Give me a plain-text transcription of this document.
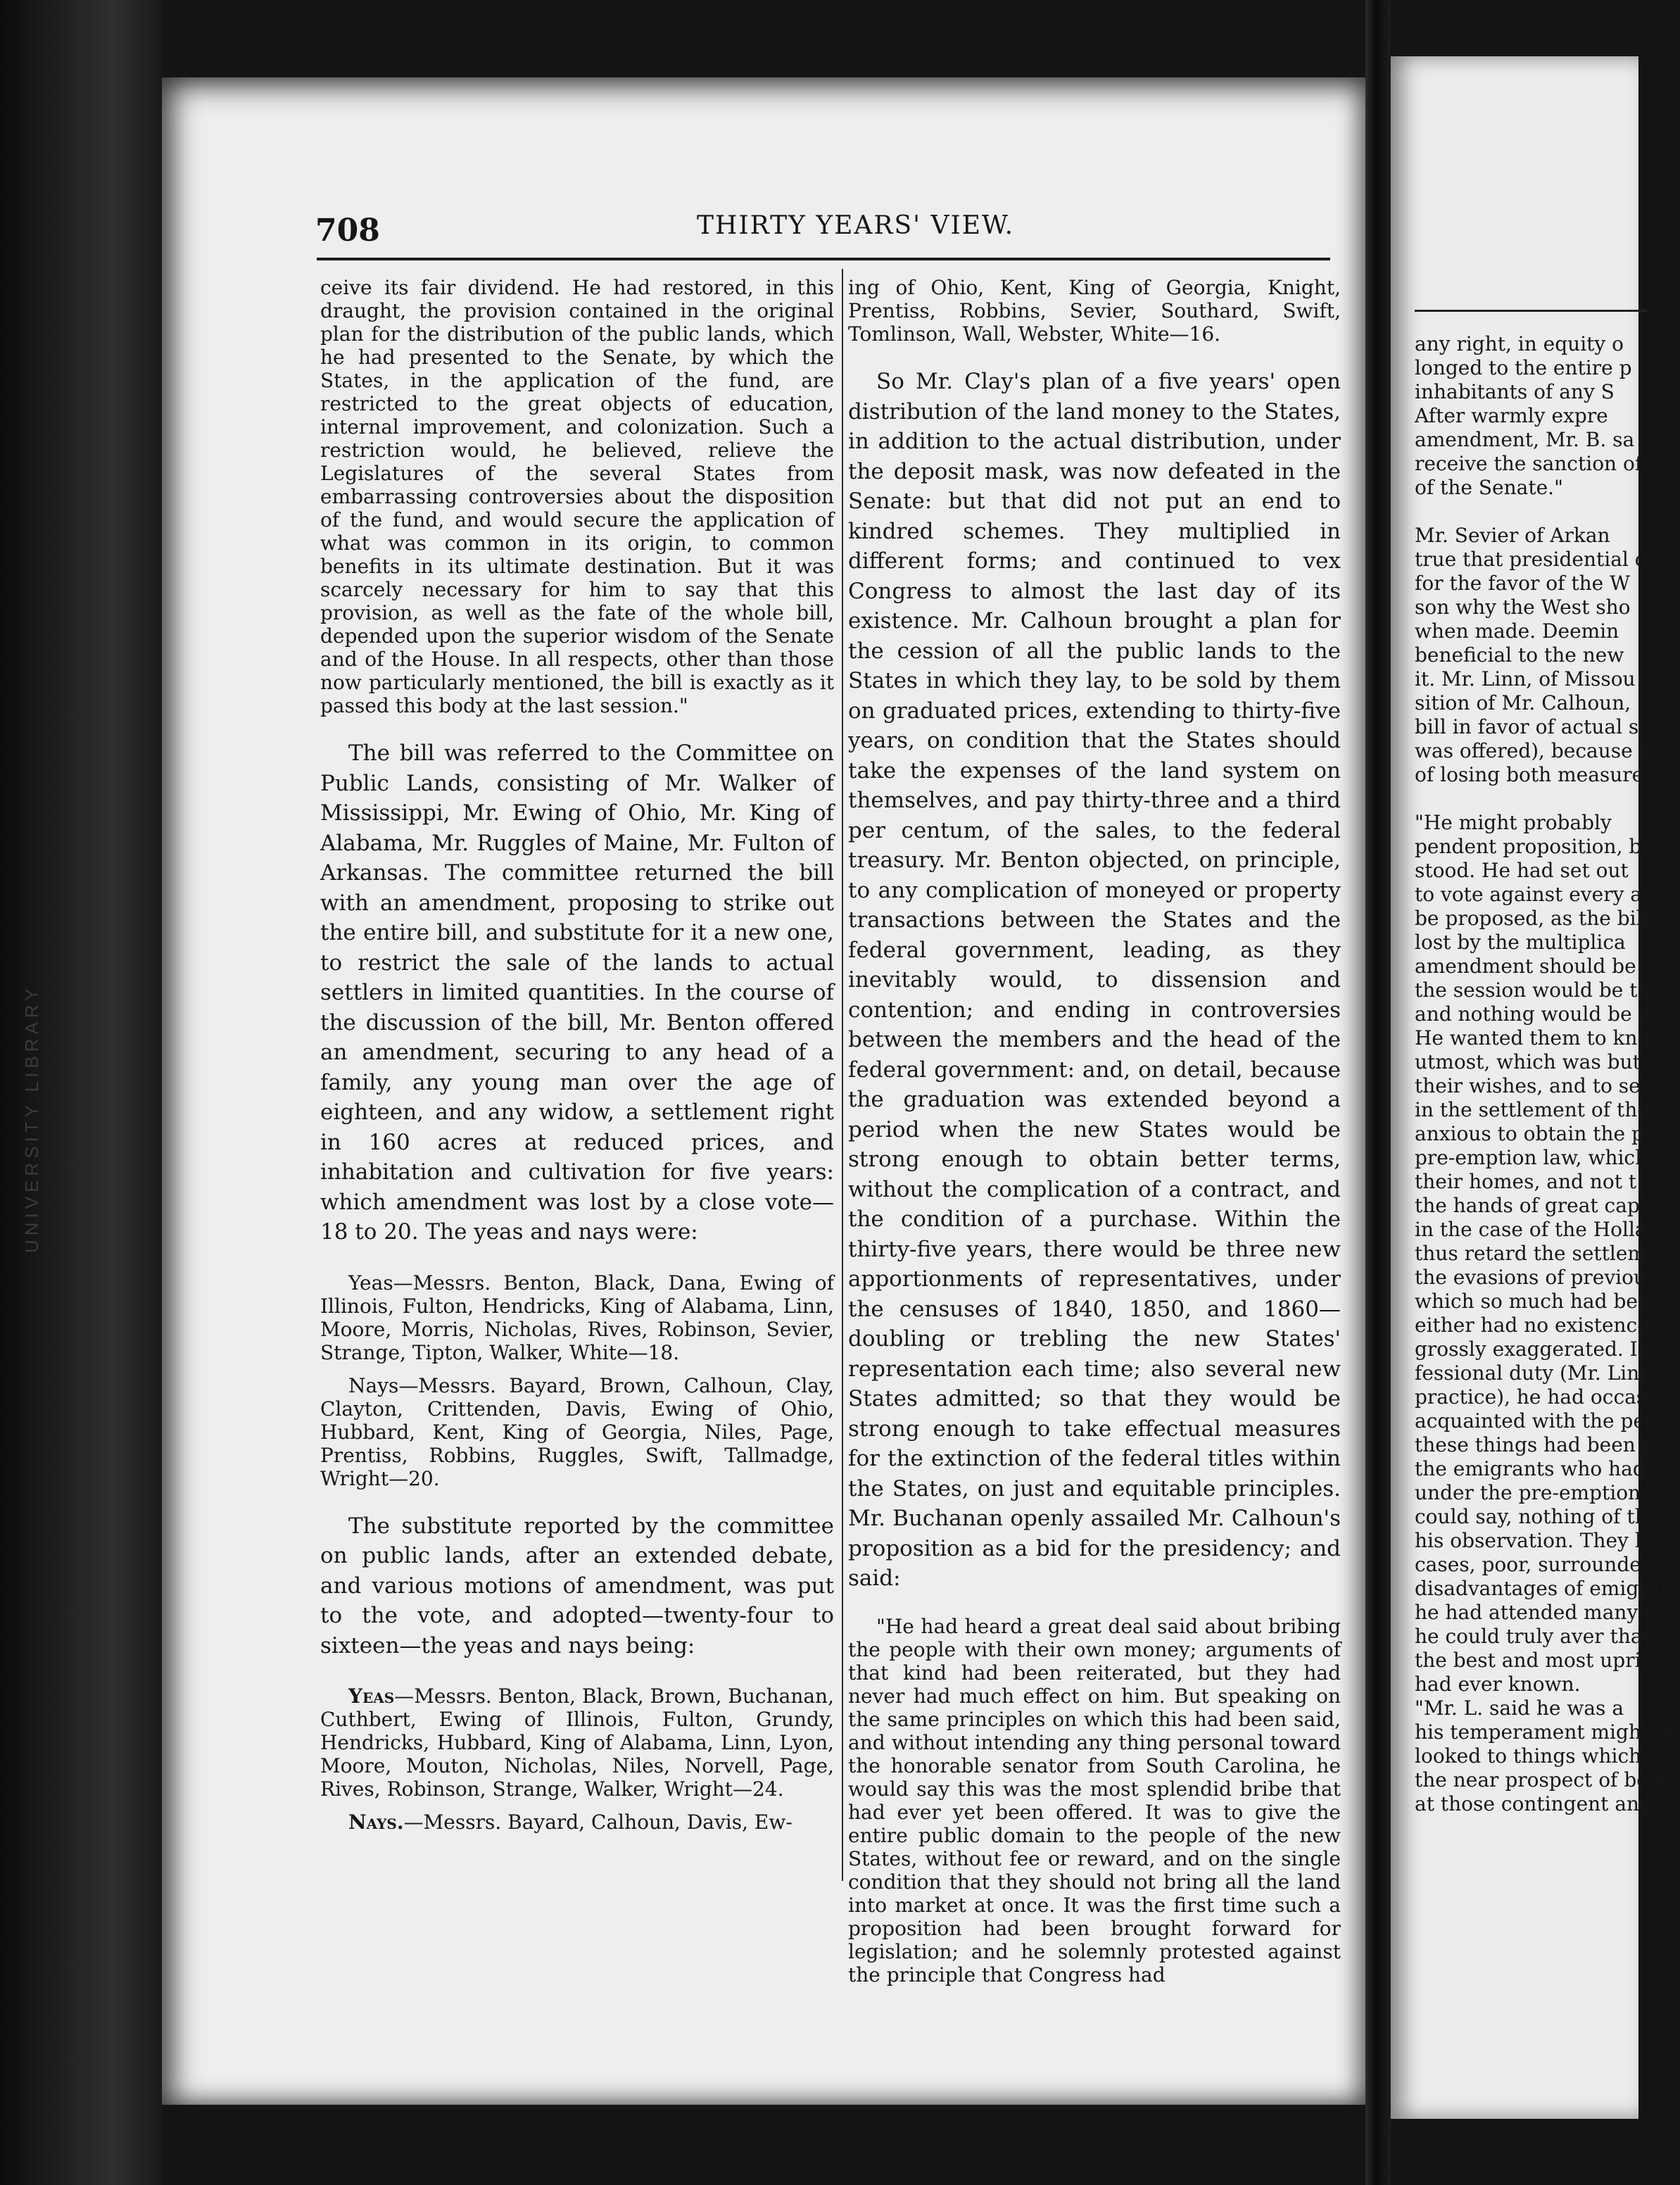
UNIVERSITY LIBRARY
any right, in equity o
longed to the entire p
inhabitants of any S
After warmly expre
amendment, Mr. B. sa
receive the sanction of
of the Senate."

Mr. Sevier of Arkan
true that presidential c
for the favor of the W
son why the West sho
when made. Deemin
beneficial to the new
it. Mr. Linn, of Missou
sition of Mr. Calhoun,
bill in favor of actual s
was offered), because i
of losing both measure

"He might probably
pendent proposition, b
stood. He had set out
to vote against every a
be proposed, as the bill
lost by the multiplica
amendment should be
the session would be tak
and nothing would be d
He wanted them to kno
utmost, which was but l
their wishes, and to sec
in the settlement of the
anxious to obtain the p
pre-emption law, which
their homes, and not t
the hands of great capita
in the case of the Holla
thus retard the settlemen
the evasions of previou
which so much had been
either had no existence i
grossly exaggerated. In
fessional duty (Mr. Linn
practice), he had occasion
acquainted with the peo
these things had been a
the emigrants who had
under the pre-emption l
could say, nothing of the
his observation. They ha
cases, poor, surrounded
disadvantages of emigrati
he had attended many of
he could truly aver that
the best and most uprig
had ever known.
"Mr. L. said he was a
his temperament might be
looked to things which w
the near prospect of being
at those contingent and
708	THIRTY YEARS' VIEW.

ceive its fair dividend. He had restored, in this draught, the provision contained in the original plan for the distribution of the public lands, which he had presented to the Senate, by which the States, in the application of the fund, are restricted to the great objects of education, internal improvement, and colonization. Such a restriction would, he believed, relieve the Legislatures of the several States from embarrassing controversies about the disposition of the fund, and would secure the application of what was common in its origin, to common benefits in its ultimate destination. But it was scarcely necessary for him to say that this provision, as well as the fate of the whole bill, depended upon the superior wisdom of the Senate and of the House. In all respects, other than those now particularly mentioned, the bill is exactly as it passed this body at the last session."

The bill was referred to the Committee on Public Lands, consisting of Mr. Walker of Mississippi, Mr. Ewing of Ohio, Mr. King of Alabama, Mr. Ruggles of Maine, Mr. Fulton of Arkansas. The committee returned the bill with an amendment, proposing to strike out the entire bill, and substitute for it a new one, to restrict the sale of the lands to actual settlers in limited quantities. In the course of the discussion of the bill, Mr. Benton offered an amendment, securing to any head of a family, any young man over the age of eighteen, and any widow, a settlement right in 160 acres at reduced prices, and inhabitation and cultivation for five years: which amendment was lost by a close vote—18 to 20. The yeas and nays were:

Yeas—Messrs. Benton, Black, Dana, Ewing of Illinois, Fulton, Hendricks, King of Alabama, Linn, Moore, Morris, Nicholas, Rives, Robinson, Sevier, Strange, Tipton, Walker, White—18.

Nays—Messrs. Bayard, Brown, Calhoun, Clay, Clayton, Crittenden, Davis, Ewing of Ohio, Hubbard, Kent, King of Georgia, Niles, Page, Prentiss, Robbins, Ruggles, Swift, Tallmadge, Wright—20.

The substitute reported by the committee on public lands, after an extended debate, and various motions of amendment, was put to the vote, and adopted—twenty-four to sixteen—the yeas and nays being:

Yeas—Messrs. Benton, Black, Brown, Buchanan, Cuthbert, Ewing of Illinois, Fulton, Grundy, Hendricks, Hubbard, King of Alabama, Linn, Lyon, Moore, Mouton, Nicholas, Niles, Norvell, Page, Rives, Robinson, Strange, Walker, Wright—24.

Nays.—Messrs. Bayard, Calhoun, Davis, Ew-

ing of Ohio, Kent, King of Georgia, Knight, Prentiss, Robbins, Sevier, Southard, Swift, Tomlinson, Wall, Webster, White—16.

So Mr. Clay's plan of a five years' open distribution of the land money to the States, in addition to the actual distribution, under the deposit mask, was now defeated in the Senate: but that did not put an end to kindred schemes. They multiplied in different forms; and continued to vex Congress to almost the last day of its existence. Mr. Calhoun brought a plan for the cession of all the public lands to the States in which they lay, to be sold by them on graduated prices, extending to thirty-five years, on condition that the States should take the expenses of the land system on themselves, and pay thirty-three and a third per centum, of the sales, to the federal treasury. Mr. Benton objected, on principle, to any complication of moneyed or property transactions between the States and the federal government, leading, as they inevitably would, to dissension and contention; and ending in controversies between the members and the head of the federal government: and, on detail, because the graduation was extended beyond a period when the new States would be strong enough to obtain better terms, without the complication of a contract, and the condition of a purchase. Within the thirty-five years, there would be three new apportionments of representatives, under the censuses of 1840, 1850, and 1860—doubling or trebling the new States' representation each time; also several new States admitted; so that they would be strong enough to take effectual measures for the extinction of the federal titles within the States, on just and equitable principles. Mr. Buchanan openly assailed Mr. Calhoun's proposition as a bid for the presidency; and said:

"He had heard a great deal said about bribing the people with their own money; arguments of that kind had been reiterated, but they had never had much effect on him. But speaking on the same principles on which this had been said, and without intending any thing personal toward the honorable senator from South Carolina, he would say this was the most splendid bribe that had ever yet been offered. It was to give the entire public domain to the people of the new States, without fee or reward, and on the single condition that they should not bring all the land into market at once. It was the first time such a proposition had been brought forward for legislation; and he solemnly protested against the principle that Congress had
